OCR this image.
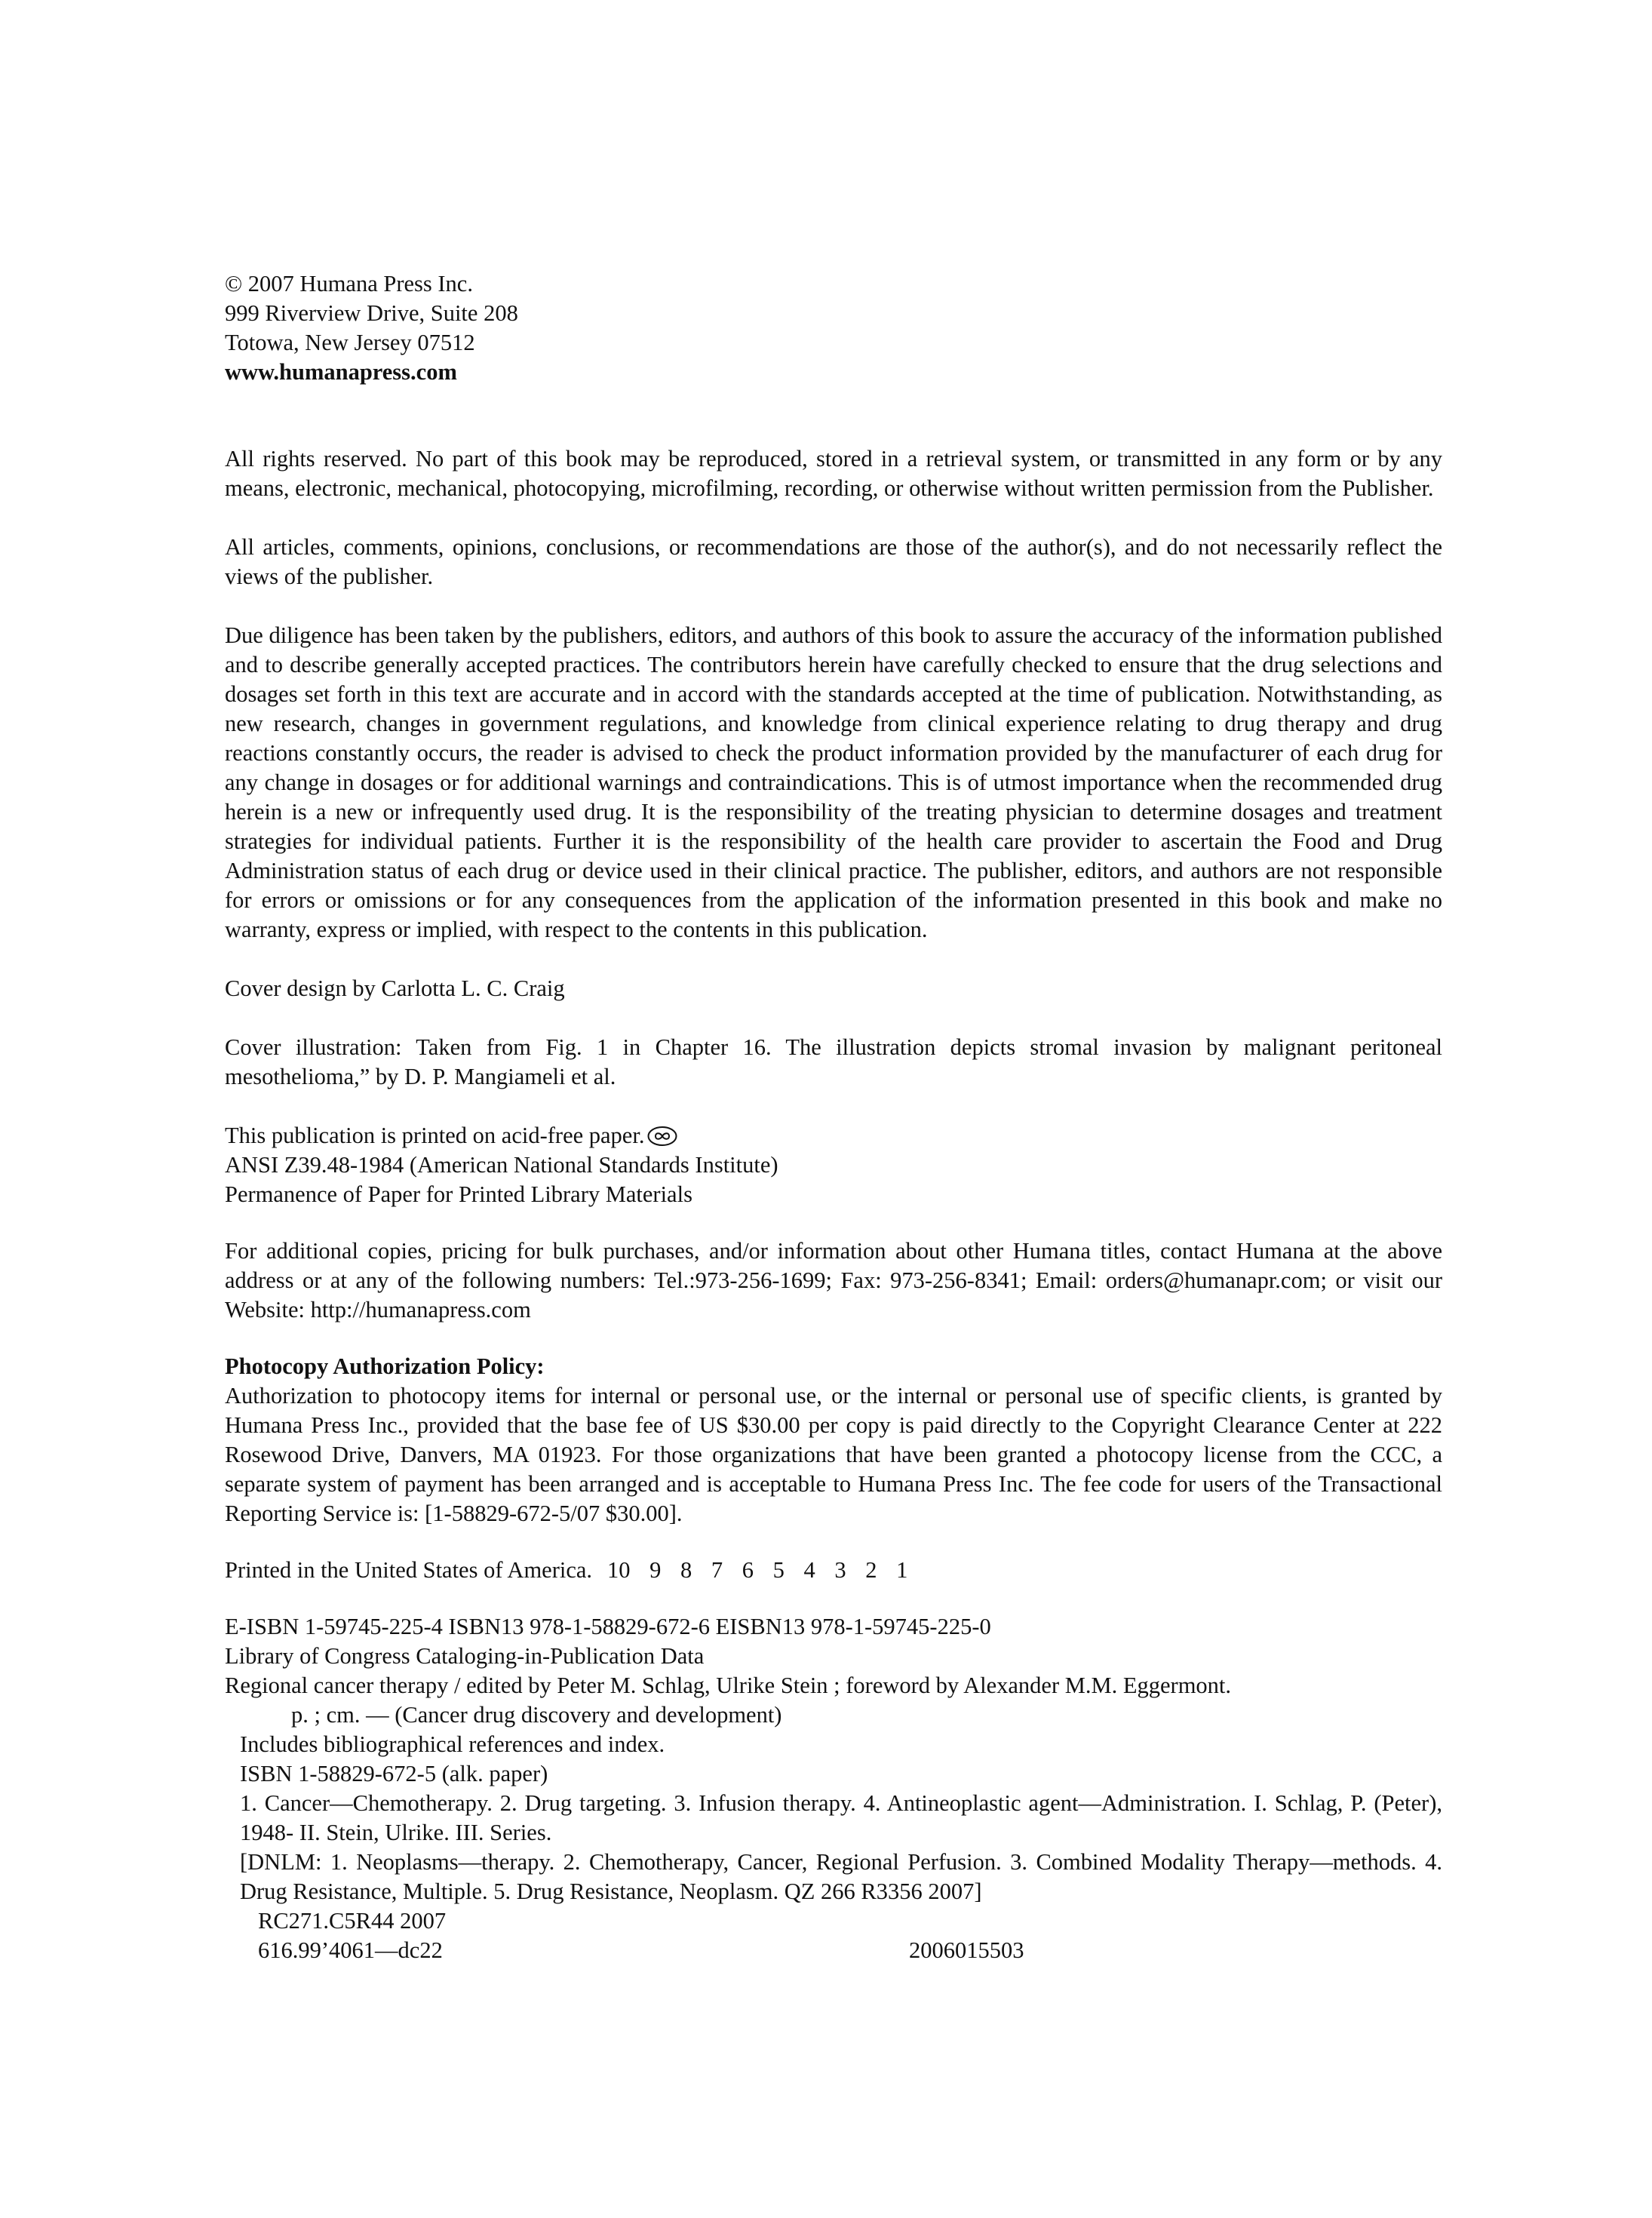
© 2007 Humana Press Inc.
999 Riverview Drive, Suite 208
Totowa, New Jersey 07512
www.humanapress.com

All rights reserved. No part of this book may be reproduced, stored in a retrieval system, or transmitted in any form or by any means, electronic, mechanical, photocopying, microfilming, recording, or otherwise without written permission from the Publisher.

All articles, comments, opinions, conclusions, or recommendations are those of the author(s), and do not necessarily reflect the views of the publisher.

Due diligence has been taken by the publishers, editors, and authors of this book to assure the accuracy of the information published and to describe generally accepted practices. The contributors herein have carefully checked to ensure that the drug selections and dosages set forth in this text are accurate and in accord with the standards accepted at the time of publication. Notwithstanding, as new research, changes in government regulations, and knowledge from clinical experience relating to drug therapy and drug reactions constantly occurs, the reader is advised to check the product information provided by the manufacturer of each drug for any change in dosages or for additional warnings and contraindications. This is of utmost importance when the recommended drug herein is a new or infrequently used drug. It is the responsibility of the treating physician to determine dosages and treatment strategies for individual patients. Further it is the responsibility of the health care provider to ascertain the Food and Drug Administration status of each drug or device used in their clinical practice. The publisher, editors, and authors are not responsible for errors or omissions or for any consequences from the application of the information presented in this book and make no warranty, express or implied, with respect to the contents in this publication.

Cover design by Carlotta L. C. Craig

Cover illustration: Taken from Fig. 1 in Chapter 16. The illustration depicts stromal invasion by malignant peritoneal mesothelioma,” by D. P. Mangiameli et al.

This publication is printed on acid-free paper.
ANSI Z39.48-1984 (American National Standards Institute)
Permanence of Paper for Printed Library Materials

For additional copies, pricing for bulk purchases, and/or information about other Humana titles, contact Humana at the above address or at any of the following numbers: Tel.:973-256-1699; Fax: 973-256-8341; Email: orders@humanapr.com; or visit our Website: http://humanapress.com

Photocopy Authorization Policy:

Authorization to photocopy items for internal or personal use, or the internal or personal use of specific clients, is granted by Humana Press Inc., provided that the base fee of US $30.00 per copy is paid directly to the Copyright Clearance Center at 222 Rosewood Drive, Danvers, MA 01923. For those organizations that have been granted a photocopy license from the CCC, a separate system of payment has been arranged and is acceptable to Humana Press Inc. The fee code for users of the Transactional Reporting Service is: [1-58829-672-5/07 $30.00].

Printed in the United States of America. 10 9 8 7 6 5 4 3 2 1

E-ISBN 1-59745-225-4 ISBN13 978-1-58829-672-6 EISBN13 978-1-59745-225-0
Library of Congress Cataloging-in-Publication Data
Regional cancer therapy / edited by Peter M. Schlag, Ulrike Stein ; foreword by Alexander M.M. Eggermont.
p. ; cm. — (Cancer drug discovery and development)
Includes bibliographical references and index.
ISBN 1-58829-672-5 (alk. paper)

1. Cancer—Chemotherapy. 2. Drug targeting. 3. Infusion therapy. 4. Antineoplastic agent—Administration. I. Schlag, P. (Peter), 1948- II. Stein, Ulrike. III. Series.

[DNLM: 1. Neoplasms—therapy. 2. Chemotherapy, Cancer, Regional Perfusion. 3. Combined Modality Therapy—methods. 4. Drug Resistance, Multiple. 5. Drug Resistance, Neoplasm. QZ 266 R3356 2007]

RC271.C5R44 2007
616.99’4061—dc22	2006015503
